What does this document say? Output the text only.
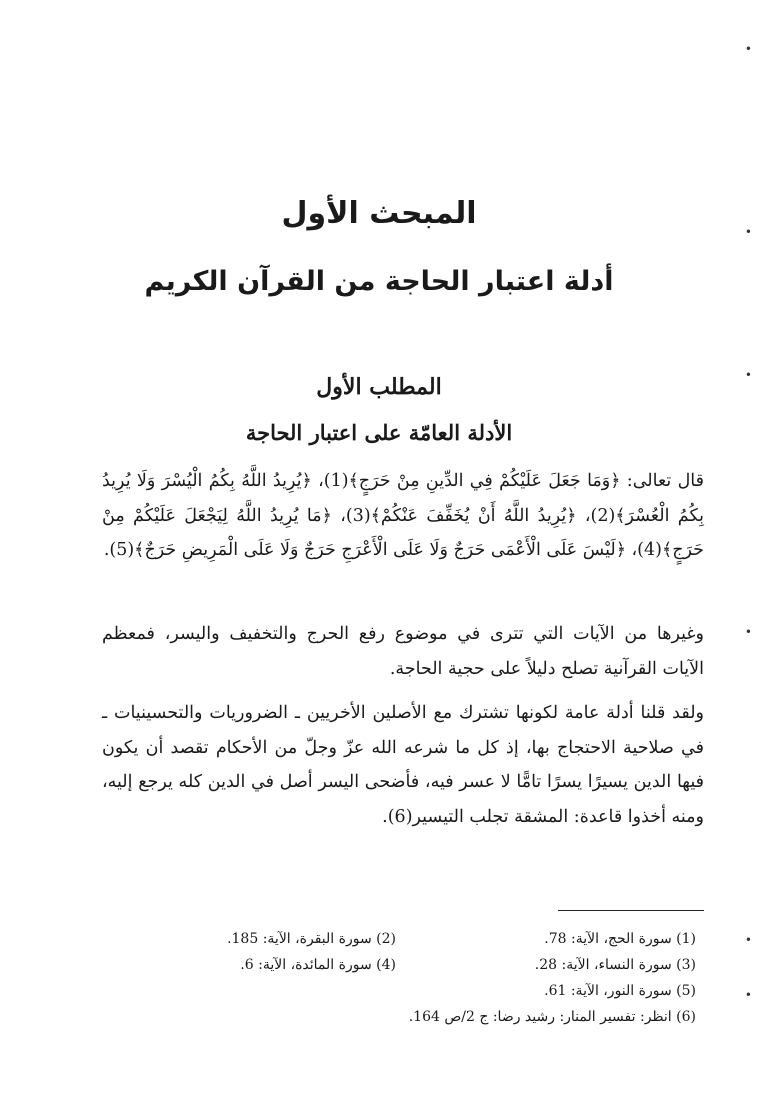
المبحث الأول
أدلة اعتبار الحاجة من القرآن الكريم
المطلب الأول
الأدلة العامّة على اعتبار الحاجة

قال تعالى: ﴿وَمَا جَعَلَ عَلَيْكُمْ فِي الدِّينِ مِنْ حَرَجٍ﴾(1)، ﴿يُرِيدُ اللَّهُ بِكُمُ الْيُسْرَ وَلَا يُرِيدُ بِكُمُ الْعُسْرَ﴾(2)، ﴿يُرِيدُ اللَّهُ أَنْ يُخَفِّفَ عَنْكُمْ﴾(3)، ﴿مَا يُرِيدُ اللَّهُ لِيَجْعَلَ عَلَيْكُمْ مِنْ حَرَجٍ﴾(4)، ﴿لَيْسَ عَلَى الْأَعْمَى حَرَجٌ وَلَا عَلَى الْأَعْرَجِ حَرَجٌ وَلَا عَلَى الْمَرِيضِ حَرَجٌ﴾(5).

وغيرها من الآيات التي تترى في موضوع رفع الحرج والتخفيف واليسر، فمعظم الآيات القرآنية تصلح دليلاً على حجية الحاجة.

ولقد قلنا أدلة عامة لكونها تشترك مع الأصلين الأخريين ـ الضروريات والتحسينيات ـ في صلاحية الاحتجاج بها، إذ كل ما شرعه الله عزّ وجلّ من الأحكام تقصد أن يكون فيها الدين يسيرًا يسرًا تامًّا لا عسر فيه، فأضحى اليسر أصل في الدين كله يرجع إليه، ومنه أخذوا قاعدة: المشقة تجلب التيسير(6).

(1) سورة الحج، الآية: 78.
(2) سورة البقرة، الآية: 185.
(3) سورة النساء، الآية: 28.
(4) سورة المائدة، الآية: 6.
(5) سورة النور، الآية: 61.
(6) انظر: تفسير المنار: رشيد رضا: ج 2/ص 164.
•
•
•
•
•
•
